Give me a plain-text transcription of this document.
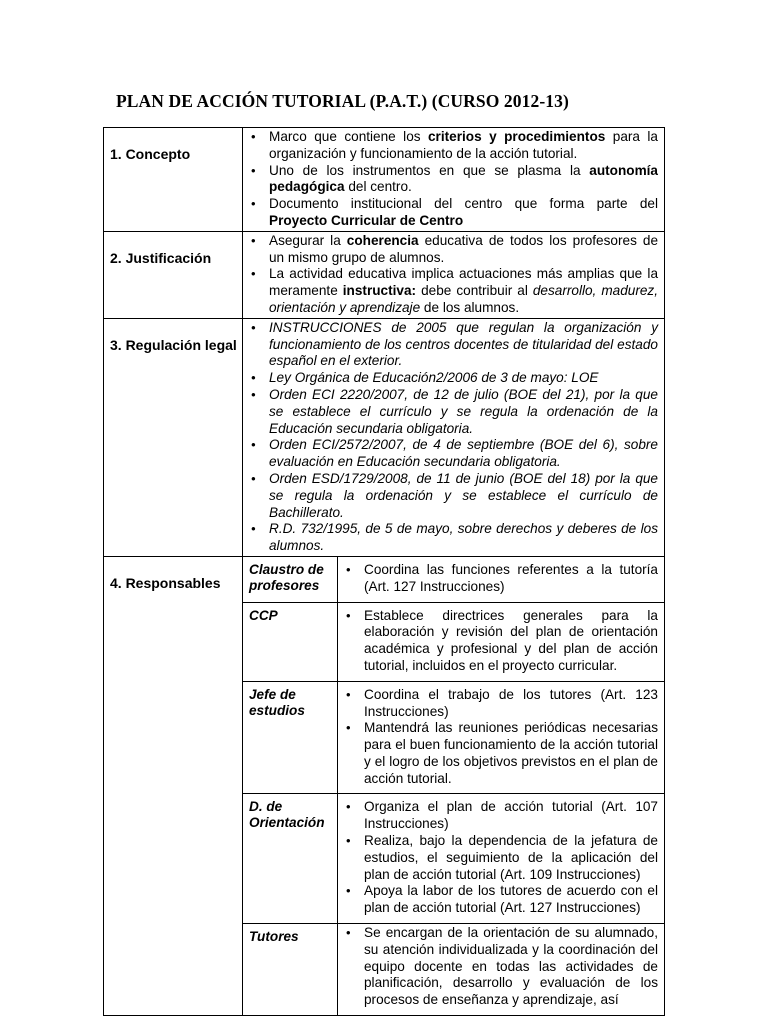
PLAN DE ACCIÓN TUTORIAL (P.A.T.) (CURSO 2012-13)
1. Concepto	
• Marco que contiene los criterios y procedimientos para la organización y funcionamiento de la acción tutorial.
• Uno de los instrumentos en que se plasma la autonomía pedagógica del centro.
• Documento institucional del centro que forma parte del Proyecto Curricular de Centro

2. Justificación	
• Asegurar la coherencia educativa de todos los profesores de un mismo grupo de alumnos.
• La actividad educativa implica actuaciones más amplias que la meramente instructiva: debe contribuir al desarrollo, madurez, orientación y aprendizaje de los alumnos.

3. Regulación legal	
• INSTRUCCIONES de 2005 que regulan la organización y funcionamiento de los centros docentes de titularidad del estado español en el exterior.
• Ley Orgánica de Educación2/2006 de 3 de mayo: LOE
• Orden ECI 2220/2007, de 12 de julio (BOE del 21), por la que se establece el currículo y se regula la ordenación de la Educación secundaria obligatoria.
• Orden ECI/2572/2007, de 4 de septiembre (BOE del 6), sobre evaluación en Educación secundaria obligatoria.
• Orden ESD/1729/2008, de 11 de junio (BOE del 18) por la que se regula la ordenación y se establece el currículo de Bachillerato.
• R.D. 732/1995, de 5 de mayo, sobre derechos y deberes de los alumnos.

4. Responsables	
Claustro de profesores	
• Coordina las funciones referentes a la tutoría (Art. 127 Instrucciones)

CCP	
•Establece directrices generales para la elaboración y revisión del plan de orientación académica y profesional y del plan de acción tutorial, incluidos en el proyecto curricular.

Jefe de estudios	
• Coordina el trabajo de los tutores (Art. 123 Instrucciones)
• Mantendrá las reuniones periódicas necesarias para el buen funcionamiento de la acción tutorial y el logro de los objetivos previstos en el plan de acción tutorial.

D. de Orientación	
• Organiza el plan de acción tutorial (Art. 107 Instrucciones)
• Realiza, bajo la dependencia de la jefatura de estudios, el seguimiento de la aplicación del plan de acción tutorial (Art. 109 Instrucciones)
• Apoya la labor de los tutores de acuerdo con el plan de acción tutorial (Art. 127 Instrucciones)

Tutores	
•Se encargan de la orientación de su alumnado, su atención individualizada y la coordinación del equipo docente en todas las actividades de planificación, desarrollo y evaluación de los procesos de enseñanza y aprendizaje, así
